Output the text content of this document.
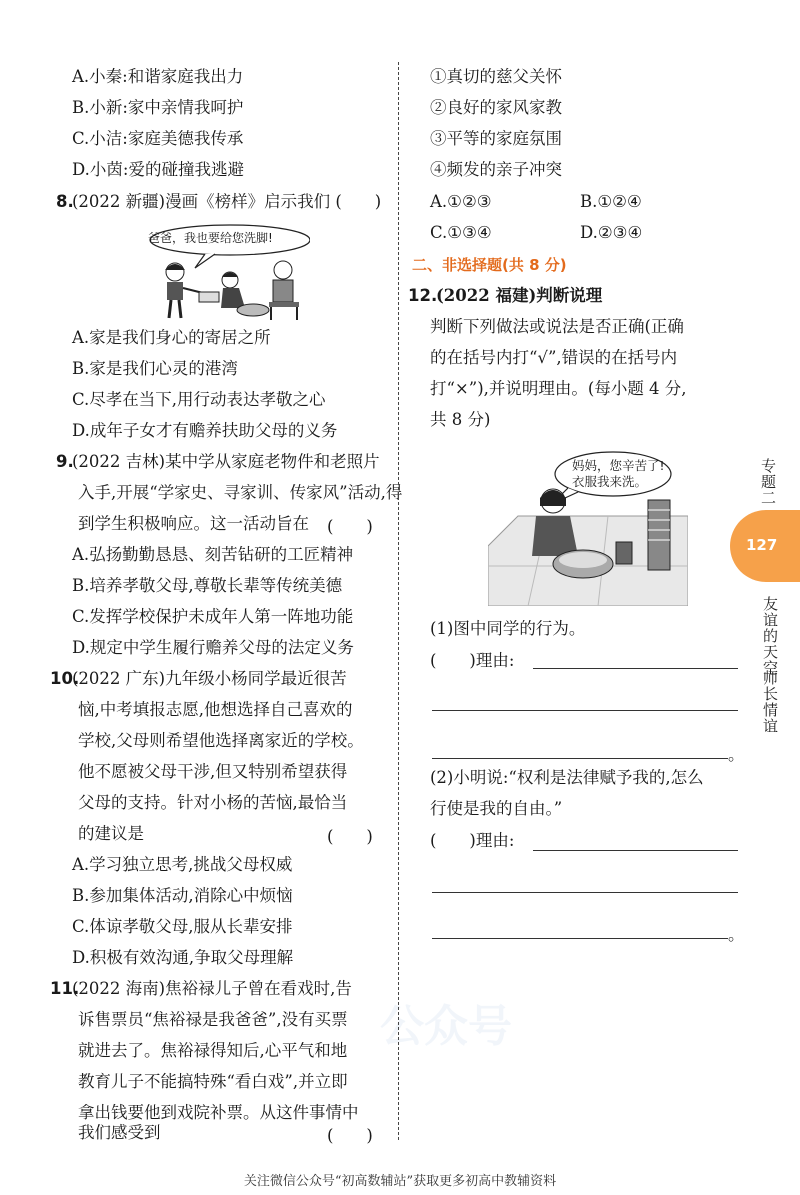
公众号
A.小秦:和谐家庭我出力
B.小新:家中亲情我呵护
C.小洁:家庭美德我传承
D.小茵:爱的碰撞我逃避
8.
(2022 新疆)漫画《榜样》启示我们 (　　)
爸爸，我也要给您洗脚!
A.家是我们身心的寄居之所
B.家是我们心灵的港湾
C.尽孝在当下,用行动表达孝敬之心
D.成年子女才有赡养扶助父母的义务
9.
(2022 吉林)某中学从家庭老物件和老照片
入手,开展“学家史、寻家训、传家风”活动,得
到学生积极响应。这一活动旨在 (　　)
A.弘扬勤勤恳恳、刻苦钻研的工匠精神
B.培养孝敬父母,尊敬长辈等传统美德
C.发挥学校保护未成年人第一阵地功能
D.规定中学生履行赡养父母的法定义务
10.
(2022 广东)九年级小杨同学最近很苦
恼,中考填报志愿,他想选择自己喜欢的
学校,父母则希望他选择离家近的学校。
他不愿被父母干涉,但又特别希望获得
父母的支持。针对小杨的苦恼,最恰当
的建议是	(　　)
A.学习独立思考,挑战父母权威
B.参加集体活动,消除心中烦恼
C.体谅孝敬父母,服从长辈安排
D.积极有效沟通,争取父母理解
11.
(2022 海南)焦裕禄儿子曾在看戏时,告
诉售票员“焦裕禄是我爸爸”,没有买票
就进去了。焦裕禄得知后,心平气和地
教育儿子不能搞特殊“看白戏”,并立即
拿出钱要他到戏院补票。从这件事情中
我们感受到	(　　)
①真切的慈父关怀
②良好的家风家教
③平等的家庭氛围
④频发的亲子冲突
A.①②③	B.①②④
C.①③④	D.②③④
二、非选择题(共 8 分)
12.
(2022 福建)判断说理
判断下列做法或说法是否正确(正确
的在括号内打“√”,错误的在括号内
打“×”),并说明理由。(每小题 4 分,
共 8 分)
妈妈，您辛苦了!
衣服我来洗。
(1)图中同学的行为。
(　　)理由:
。
(2)小明说:“权利是法律赋予我的,怎么
行使是我的自由。”
(　　)理由:
。
专题二
127
友谊的天空
师长情谊
关注微信公众号“初高数辅站”获取更多初高中教辅资料
